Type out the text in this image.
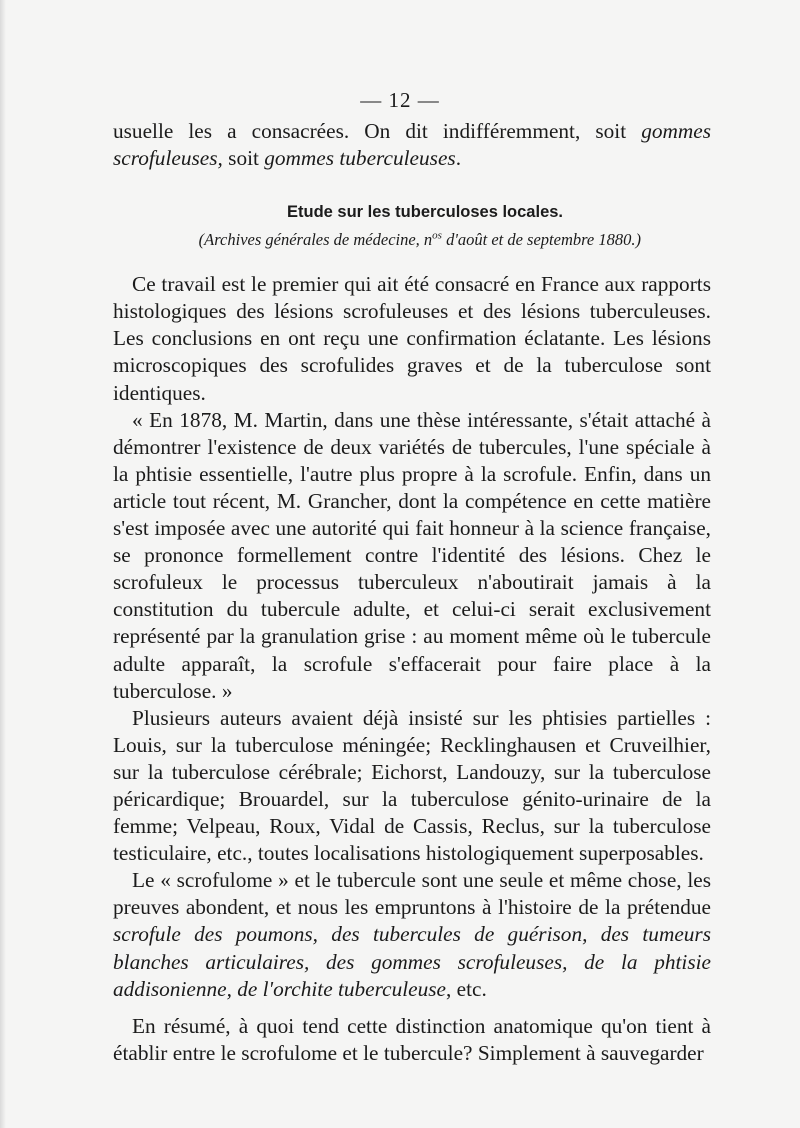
— 12 —

usuelle les a consacrées. On dit indifféremment, soit gommes scrofuleuses, soit gommes tuberculeuses.

Etude sur les tuberculoses locales.

(Archives générales de médecine, $n^{os}$ d'août et de septembre 1880.)

Ce travail est le premier qui ait été consacré en France aux rapports histologiques des lésions scrofuleuses et des lésions tuberculeuses. Les conclusions en ont reçu une confirmation éclatante. Les lésions microscopiques des scrofulides graves et de la tuberculose sont identiques.

« En 1878, M. Martin, dans une thèse intéressante, s'était attaché à démontrer l'existence de deux variétés de tubercules, l'une spéciale à la phtisie essentielle, l'autre plus propre à la scrofule. Enfin, dans un article tout récent, M. Grancher, dont la compétence en cette matière s'est imposée avec une autorité qui fait honneur à la science française, se prononce formellement contre l'identité des lésions. Chez le scrofuleux le processus tuberculeux n'aboutirait jamais à la constitution du tubercule adulte, et celui-ci serait exclusivement représenté par la granulation grise : au moment même où le tubercule adulte apparaît, la scrofule s'effacerait pour faire place à la tuberculose. »

Plusieurs auteurs avaient déjà insisté sur les phtisies partielles : Louis, sur la tuberculose méningée; Recklinghausen et Cruveilhier, sur la tuberculose cérébrale; Eichorst, Landouzy, sur la tuberculose péricardique; Brouardel, sur la tuberculose génito-urinaire de la femme; Velpeau, Roux, Vidal de Cassis, Reclus, sur la tuberculose testiculaire, etc., toutes localisations histologiquement superposables.

Le « scrofulome » et le tubercule sont une seule et même chose, les preuves abondent, et nous les empruntons à l'histoire de la prétendue scrofule des poumons, des tubercules de guérison, des tumeurs blanches articulaires, des gommes scrofuleuses, de la phtisie addisonienne, de l'orchite tuberculeuse, etc.

En résumé, à quoi tend cette distinction anatomique qu'on tient à établir entre le scrofulome et le tubercule? Simplement à sauvegarder
